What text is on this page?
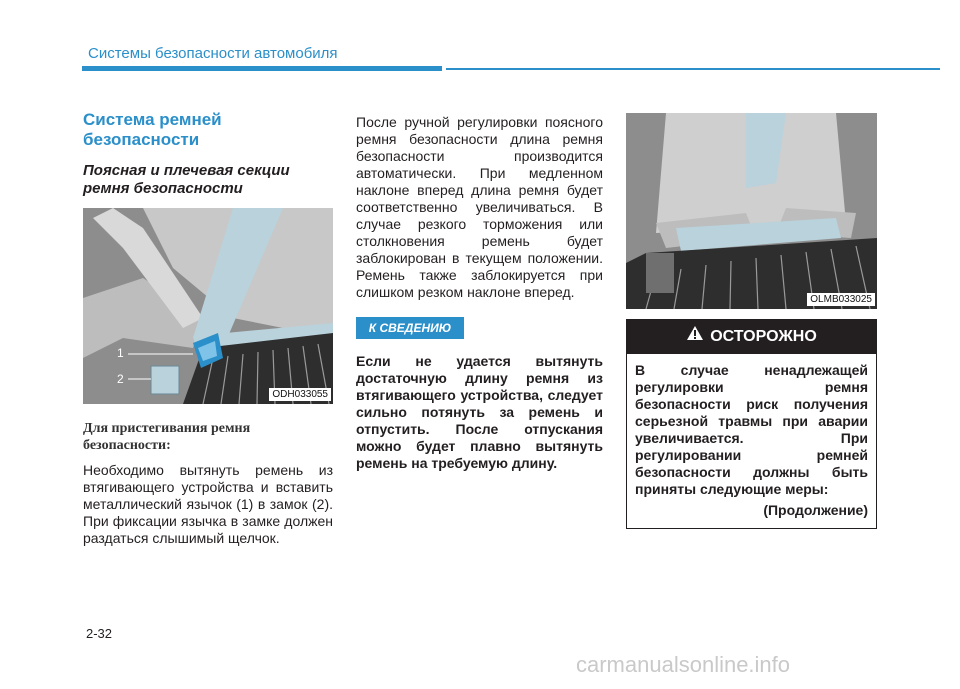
Системы безопасности автомобиля
Система ремней безопасности
Поясная и плечевая секции ремня безопасности
1
2
ODH033055
Для пристегивания ремня безопасности:

Необходимо вытянуть ремень из втягивающего устройства и вставить металлический язычок (1) в замок (2). При фиксации язычка в замке должен раздаться слышимый щелчок.

После ручной регулировки поясного ремня безопасности длина ремня безопасности производится автоматически. При медленном наклоне вперед длина ремня будет соответственно увеличиваться. В случае резкого торможения или столкновения ремень будет заблокирован в текущем положении. Ремень также заблокируется при слишком резком наклоне вперед.

К СВЕДЕНИЮ

Если не удается вытянуть достаточную длину ремня из втягивающего устройства, следует сильно потянуть за ремень и отпустить. После отпускания можно будет плавно вытянуть ремень на требуемую длину.

OLMB033025
ОСТОРОЖНО

В случае ненадлежащей регулировки ремня безопасности риск получения серьезной травмы при аварии увеличивается. При регулировании ремней безопасности должны быть приняты следующие меры:

(Продолжение)
2-32
carmanualsonline.info
